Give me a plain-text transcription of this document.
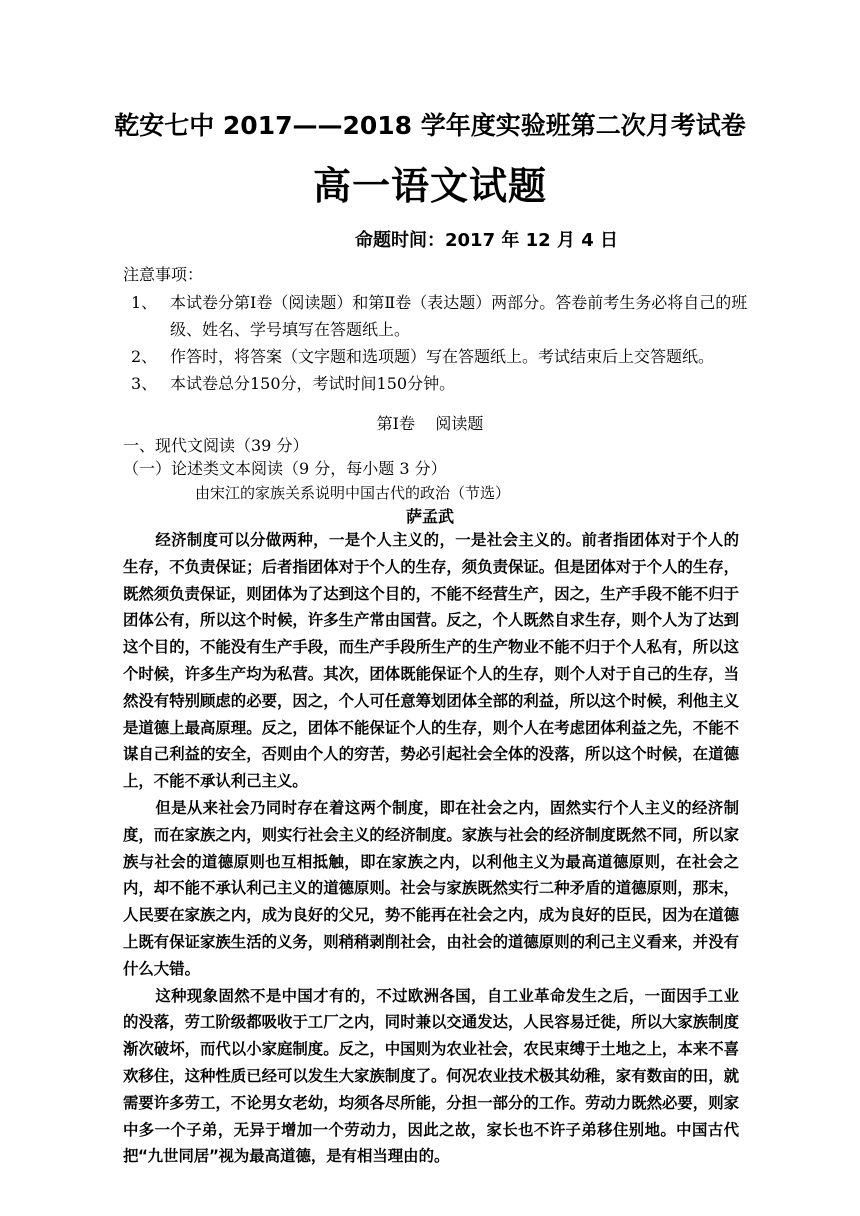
乾安七中 2017——2018 学年度实验班第二次月考试卷
高一语文试题
命题时间：2017 年 12 月 4 日
注意事项：
1、 本试卷分第Ⅰ卷（阅读题）和第Ⅱ卷（表达题）两部分。答卷前考生务必将自己的班级、姓名、学号填写在答题纸上。
2、 作答时，将答案（文字题和选项题）写在答题纸上。考试结束后上交答题纸。
3、 本试卷总分150分，考试时间150分钟。
第Ⅰ卷    阅读题
一、现代文阅读（39 分）
（一）论述类文本阅读（9 分，每小题 3 分）
由宋江的家族关系说明中国古代的政治（节选）
萨孟武

经济制度可以分做两种，一是个人主义的，一是社会主义的。前者指团体对于个人的生存，不负责保证；后者指团体对于个人的生存，须负责保证。但是团体对于个人的生存，既然须负责保证，则团体为了达到这个目的，不能不经营生产，因之，生产手段不能不归于团体公有，所以这个时候，许多生产常由国营。反之，个人既然自求生存，则个人为了达到这个目的，不能没有生产手段，而生产手段所生产的生产物业不能不归于个人私有，所以这个时候，许多生产均为私营。其次，团体既能保证个人的生存，则个人对于自己的生存，当然没有特别顾虑的必要，因之，个人可任意筹划团体全部的利益，所以这个时候，利他主义是道德上最高原理。反之，团体不能保证个人的生存，则个人在考虑团体利益之先，不能不谋自己利益的安全，否则由个人的穷苦，势必引起社会全体的没落，所以这个时候，在道德上，不能不承认利己主义。

但是从来社会乃同时存在着这两个制度，即在社会之内，固然实行个人主义的经济制度，而在家族之内，则实行社会主义的经济制度。家族与社会的经济制度既然不同，所以家族与社会的道德原则也互相抵触，即在家族之内，以利他主义为最高道德原则，在社会之内，却不能不承认利己主义的道德原则。社会与家族既然实行二种矛盾的道德原则，那末，人民要在家族之内，成为良好的父兄，势不能再在社会之内，成为良好的臣民，因为在道德上既有保证家族生活的义务，则稍稍剥削社会，由社会的道德原则的利己主义看来，并没有什么大错。

这种现象固然不是中国才有的，不过欧洲各国，自工业革命发生之后，一面因手工业的没落，劳工阶级都吸收于工厂之内，同时兼以交通发达，人民容易迁徙，所以大家族制度渐次破坏，而代以小家庭制度。反之，中国则为农业社会，农民束缚于土地之上，本来不喜欢移住，这种性质已经可以发生大家族制度了。何况农业技术极其幼稚，家有数亩的田，就需要许多劳工，不论男女老幼，均须各尽所能，分担一部分的工作。劳动力既然必要，则家中多一个子弟，无异于增加一个劳动力，因此之故，家长也不许子弟移住别地。中国古代把“九世同居”视为最高道德，是有相当理由的。
